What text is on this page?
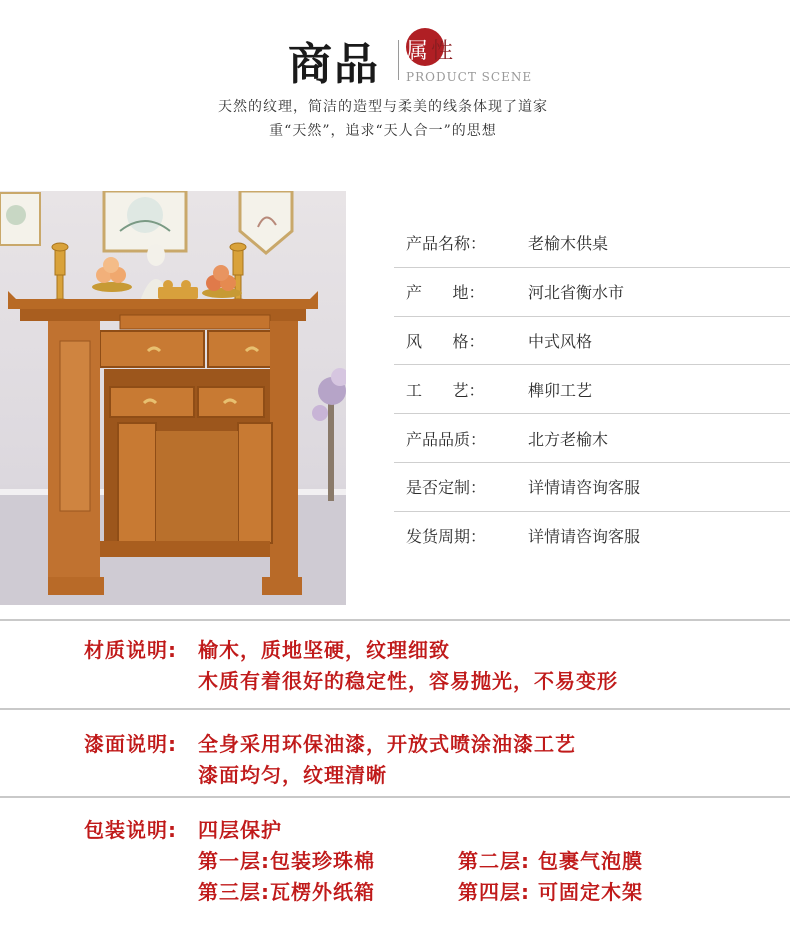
商品 属性
PRODUCT SCENE
天然的纹理，简洁的造型与柔美的线条体现了道家
重“天然”，追求“天人合一”的思想
产品名称：	老榆木供桌
产      地：	河北省衡水市
风      格：	中式风格
工      艺：	榫卯工艺
产品品质：	北方老榆木
是否定制：	详情请咨询客服
发货周期：	详情请咨询客服
材质说明: 榆木，质地坚硬，纹理细致
木质有着很好的稳定性，容易抛光，不易变形
漆面说明: 全身采用环保油漆，开放式喷涂油漆工艺
漆面均匀，纹理清晰
包装说明: 四层保护
第一层:包装珍珠棉	第二层: 包裹气泡膜
第三层:瓦楞外纸箱	第四层: 可固定木架
